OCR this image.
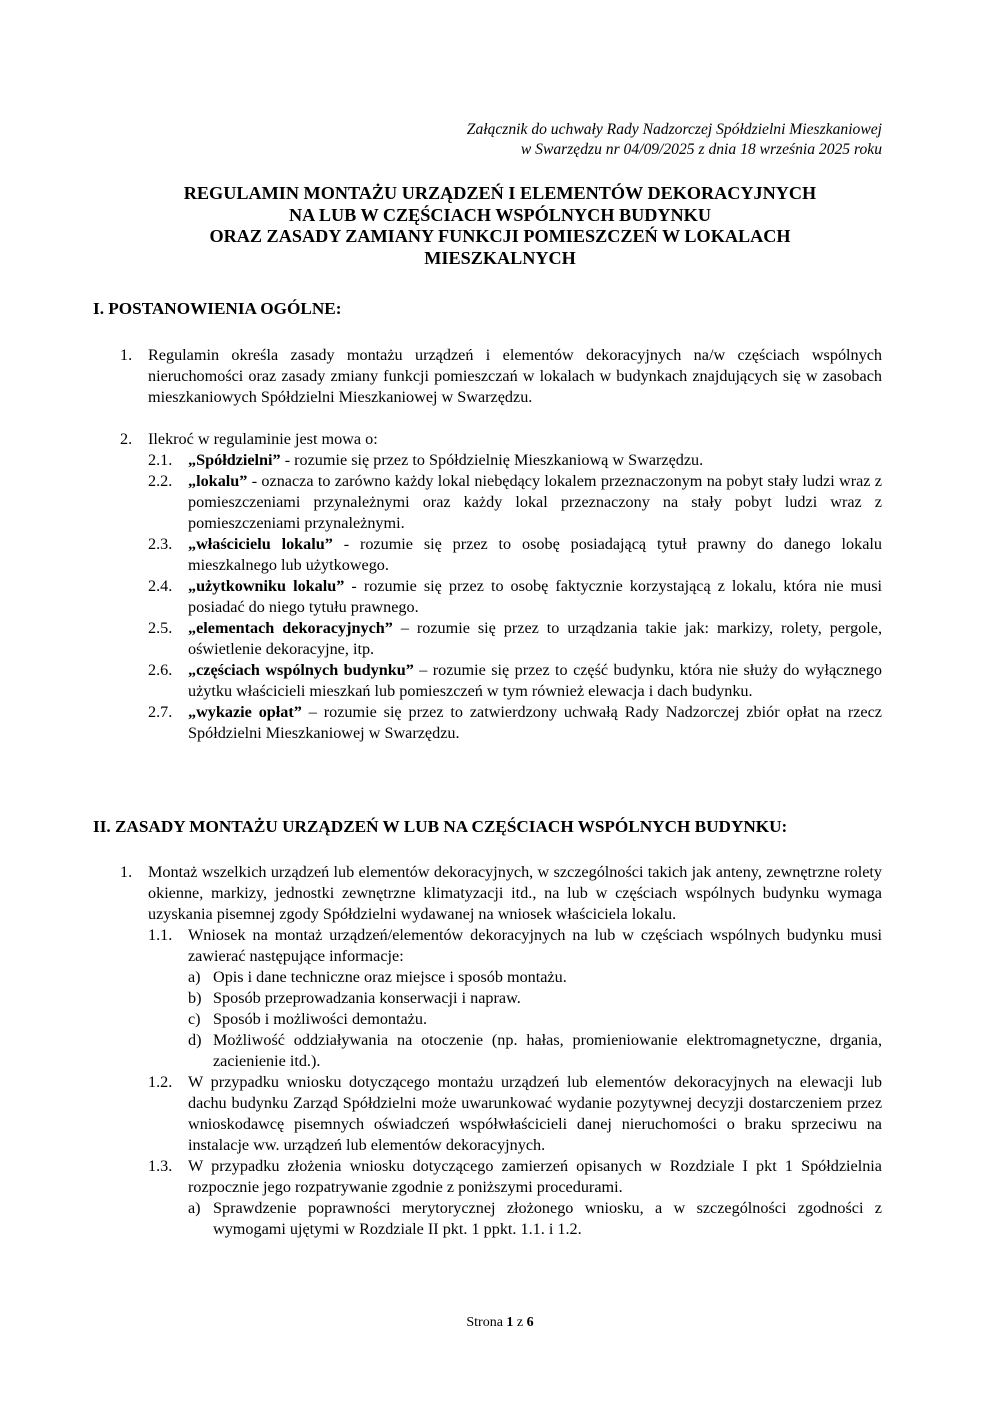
Załącznik do uchwały Rady Nadzorczej Spółdzielni Mieszkaniowej
w Swarzędzu nr 04/09/2025 z dnia 18 września 2025 roku
REGULAMIN MONTAŻU URZĄDZEŃ I ELEMENTÓW DEKORACYJNYCH
NA LUB W CZĘŚCIACH WSPÓLNYCH BUDYNKU
ORAZ ZASADY ZAMIANY FUNKCJI POMIESZCZEŃ W LOKALACH
MIESZKALNYCH
I. POSTANOWIENIA OGÓLNE:
1. Regulamin określa zasady montażu urządzeń i elementów dekoracyjnych na/w częściach wspólnych nieruchomości oraz zasady zmiany funkcji pomieszczań w lokalach w budynkach znajdujących się w zasobach mieszkaniowych Spółdzielni Mieszkaniowej w Swarzędzu.
2. Ilekroć w regulaminie jest mowa o:
2.1. „Spółdzielni” - rozumie się przez to Spółdzielnię Mieszkaniową w Swarzędzu.
2.2. „lokalu” - oznacza to zarówno każdy lokal niebędący lokalem przeznaczonym na pobyt stały ludzi wraz z pomieszczeniami przynależnymi oraz każdy lokal przeznaczony na stały pobyt ludzi wraz z pomieszczeniami przynależnymi.
2.3. „właścicielu lokalu” - rozumie się przez to osobę posiadającą tytuł prawny do danego lokalu mieszkalnego lub użytkowego.
2.4. „użytkowniku lokalu” - rozumie się przez to osobę faktycznie korzystającą z lokalu, która nie musi posiadać do niego tytułu prawnego.
2.5. „elementach dekoracyjnych” – rozumie się przez to urządzania takie jak: markizy, rolety, pergole, oświetlenie dekoracyjne, itp.
2.6. „częściach wspólnych budynku” – rozumie się przez to część budynku, która nie służy do wyłącznego użytku właścicieli mieszkań lub pomieszczeń w tym również elewacja i dach budynku.
2.7. „wykazie opłat” – rozumie się przez to zatwierdzony uchwałą Rady Nadzorczej zbiór opłat na rzecz Spółdzielni Mieszkaniowej w Swarzędzu.
II. ZASADY MONTAŻU URZĄDZEŃ W LUB NA CZĘŚCIACH WSPÓLNYCH BUDYNKU:
1. Montaż wszelkich urządzeń lub elementów dekoracyjnych, w szczególności takich jak anteny, zewnętrzne rolety okienne, markizy, jednostki zewnętrzne klimatyzacji itd., na lub w częściach wspólnych budynku wymaga uzyskania pisemnej zgody Spółdzielni wydawanej na wniosek właściciela lokalu.
1.1. Wniosek na montaż urządzeń/elementów dekoracyjnych na lub w częściach wspólnych budynku musi zawierać następujące informacje:
a) Opis i dane techniczne oraz miejsce i sposób montażu.
b) Sposób przeprowadzania konserwacji i napraw.
c) Sposób i możliwości demontażu.
d) Możliwość oddziaływania na otoczenie (np. hałas, promieniowanie elektromagnetyczne, drgania, zacienienie itd.).
1.2. W przypadku wniosku dotyczącego montażu urządzeń lub elementów dekoracyjnych na elewacji lub dachu budynku Zarząd Spółdzielni może uwarunkować wydanie pozytywnej decyzji dostarczeniem przez wnioskodawcę pisemnych oświadczeń współwłaścicieli danej nieruchomości o braku sprzeciwu na instalacje ww. urządzeń lub elementów dekoracyjnych.
1.3. W przypadku złożenia wniosku dotyczącego zamierzeń opisanych w Rozdziale I pkt 1 Spółdzielnia rozpocznie jego rozpatrywanie zgodnie z poniższymi procedurami.
a) Sprawdzenie poprawności merytorycznej złożonego wniosku, a w szczególności zgodności z wymogami ujętymi w Rozdziale II pkt. 1 ppkt. 1.1. i 1.2.
Strona 1 z 6
